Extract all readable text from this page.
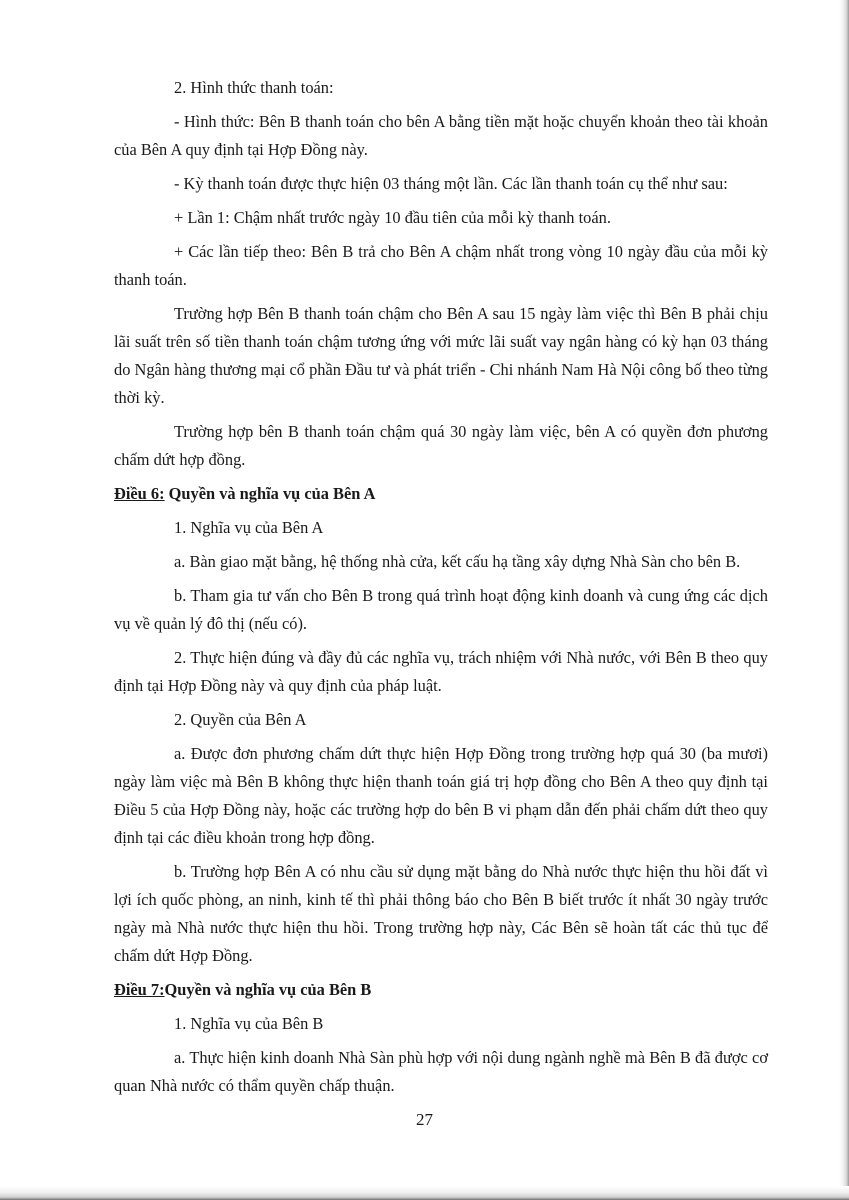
2. Hình thức thanh toán:

- Hình thức: Bên B thanh toán cho bên A bằng tiền mặt hoặc chuyển khoản theo tài khoản của Bên A quy định tại Hợp Đồng này.

- Kỳ thanh toán được thực hiện 03 tháng một lần. Các lần thanh toán cụ thể như sau:

+ Lần 1: Chậm nhất trước ngày 10 đầu tiên của mỗi kỳ thanh toán.

+ Các lần tiếp theo: Bên B trả cho Bên A chậm nhất trong vòng 10 ngày đầu của mỗi kỳ thanh toán.

Trường hợp Bên B thanh toán chậm cho Bên A sau 15 ngày làm việc thì Bên B phải chịu lãi suất trên số tiền thanh toán chậm tương ứng với mức lãi suất vay ngân hàng có kỳ hạn 03 tháng do Ngân hàng thương mại cổ phần Đầu tư và phát triển - Chi nhánh Nam Hà Nội công bố theo từng thời kỳ.

Trường hợp bên B thanh toán chậm quá 30 ngày làm việc, bên A có quyền đơn phương chấm dứt hợp đồng.

Điều 6: Quyền và nghĩa vụ của Bên A

1. Nghĩa vụ của Bên A

a. Bàn giao mặt bằng, hệ thống nhà cửa, kết cấu hạ tầng xây dựng Nhà Sàn cho bên B.

b. Tham gia tư vấn cho Bên B trong quá trình hoạt động kinh doanh và cung ứng các dịch vụ về quản lý đô thị (nếu có).

2. Thực hiện đúng và đầy đủ các nghĩa vụ, trách nhiệm với Nhà nước, với Bên B theo quy định tại Hợp Đồng này và quy định của pháp luật.

2. Quyền của Bên A

a. Được đơn phương chấm dứt thực hiện Hợp Đồng trong trường hợp quá 30 (ba mươi) ngày làm việc mà Bên B không thực hiện thanh toán giá trị hợp đồng cho Bên A theo quy định tại Điều 5 của Hợp Đồng này, hoặc các trường hợp do bên B vi phạm dẫn đến phải chấm dứt theo quy định tại các điều khoản trong hợp đồng.

b. Trường hợp Bên A có nhu cầu sử dụng mặt bằng do Nhà nước thực hiện thu hồi đất vì lợi ích quốc phòng, an ninh, kinh tế thì phải thông báo cho Bên B biết trước ít nhất 30 ngày trước ngày mà Nhà nước thực hiện thu hồi. Trong trường hợp này, Các Bên sẽ hoàn tất các thủ tục để chấm dứt Hợp Đồng.

Điều 7:Quyền và nghĩa vụ của Bên B

1. Nghĩa vụ của Bên B

a. Thực hiện kinh doanh Nhà Sàn phù hợp với nội dung ngành nghề mà Bên B đã được cơ quan Nhà nước có thẩm quyền chấp thuận.

27
